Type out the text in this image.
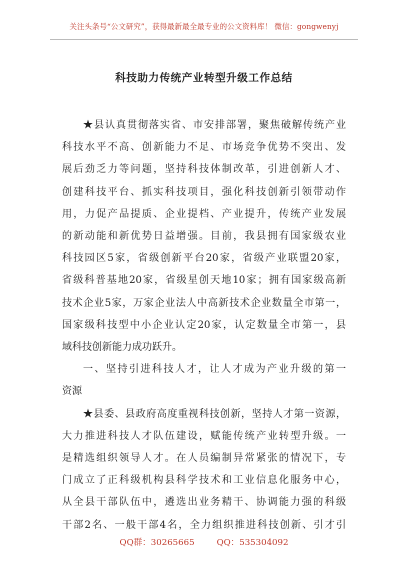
关注头条号“公文研究”，获得最新最全最专业的公文资料库！ 微信：gongwenyj
科技助力传统产业转型升级工作总结

★县认真贯彻落实省、市安排部署，聚焦破解传统产业

科技水平不高、创新能力不足、市场竞争优势不突出、发

展后劲乏力等问题，坚持科技体制改革，引进创新人才、

创建科技平台、抓实科技项目，强化科技创新引领带动作

用，力促产品提质、企业提档、产业提升，传统产业发展

的新动能和新优势日益增强。目前，我县拥有国家级农业

科技园区5家，省级创新平台20家，省级产业联盟20家，

省级科普基地20家，省级星创天地10家；拥有国家级高新

技术企业5家，万家企业法人中高新技术企业数量全市第一，

国家级科技型中小企业认定20家，认定数量全市第一，县

域科技创新能力成功跃升。

一、坚持引进科技人才，让人才成为产业升级的第一

资源

★县委、县政府高度重视科技创新，坚持人才第一资源，

大力推进科技人才队伍建设，赋能传统产业转型升级。一

是精选组织领导人才。在人员编制异常紧张的情况下，专

门成立了正科级机构县科学技术和工业信息化服务中心，

从全县干部队伍中，遴选出业务精干、协调能力强的科级

干部2名、一般干部4名，全力组织推进科技创新、引才引

QQ群：30265665	QQ：535304092
